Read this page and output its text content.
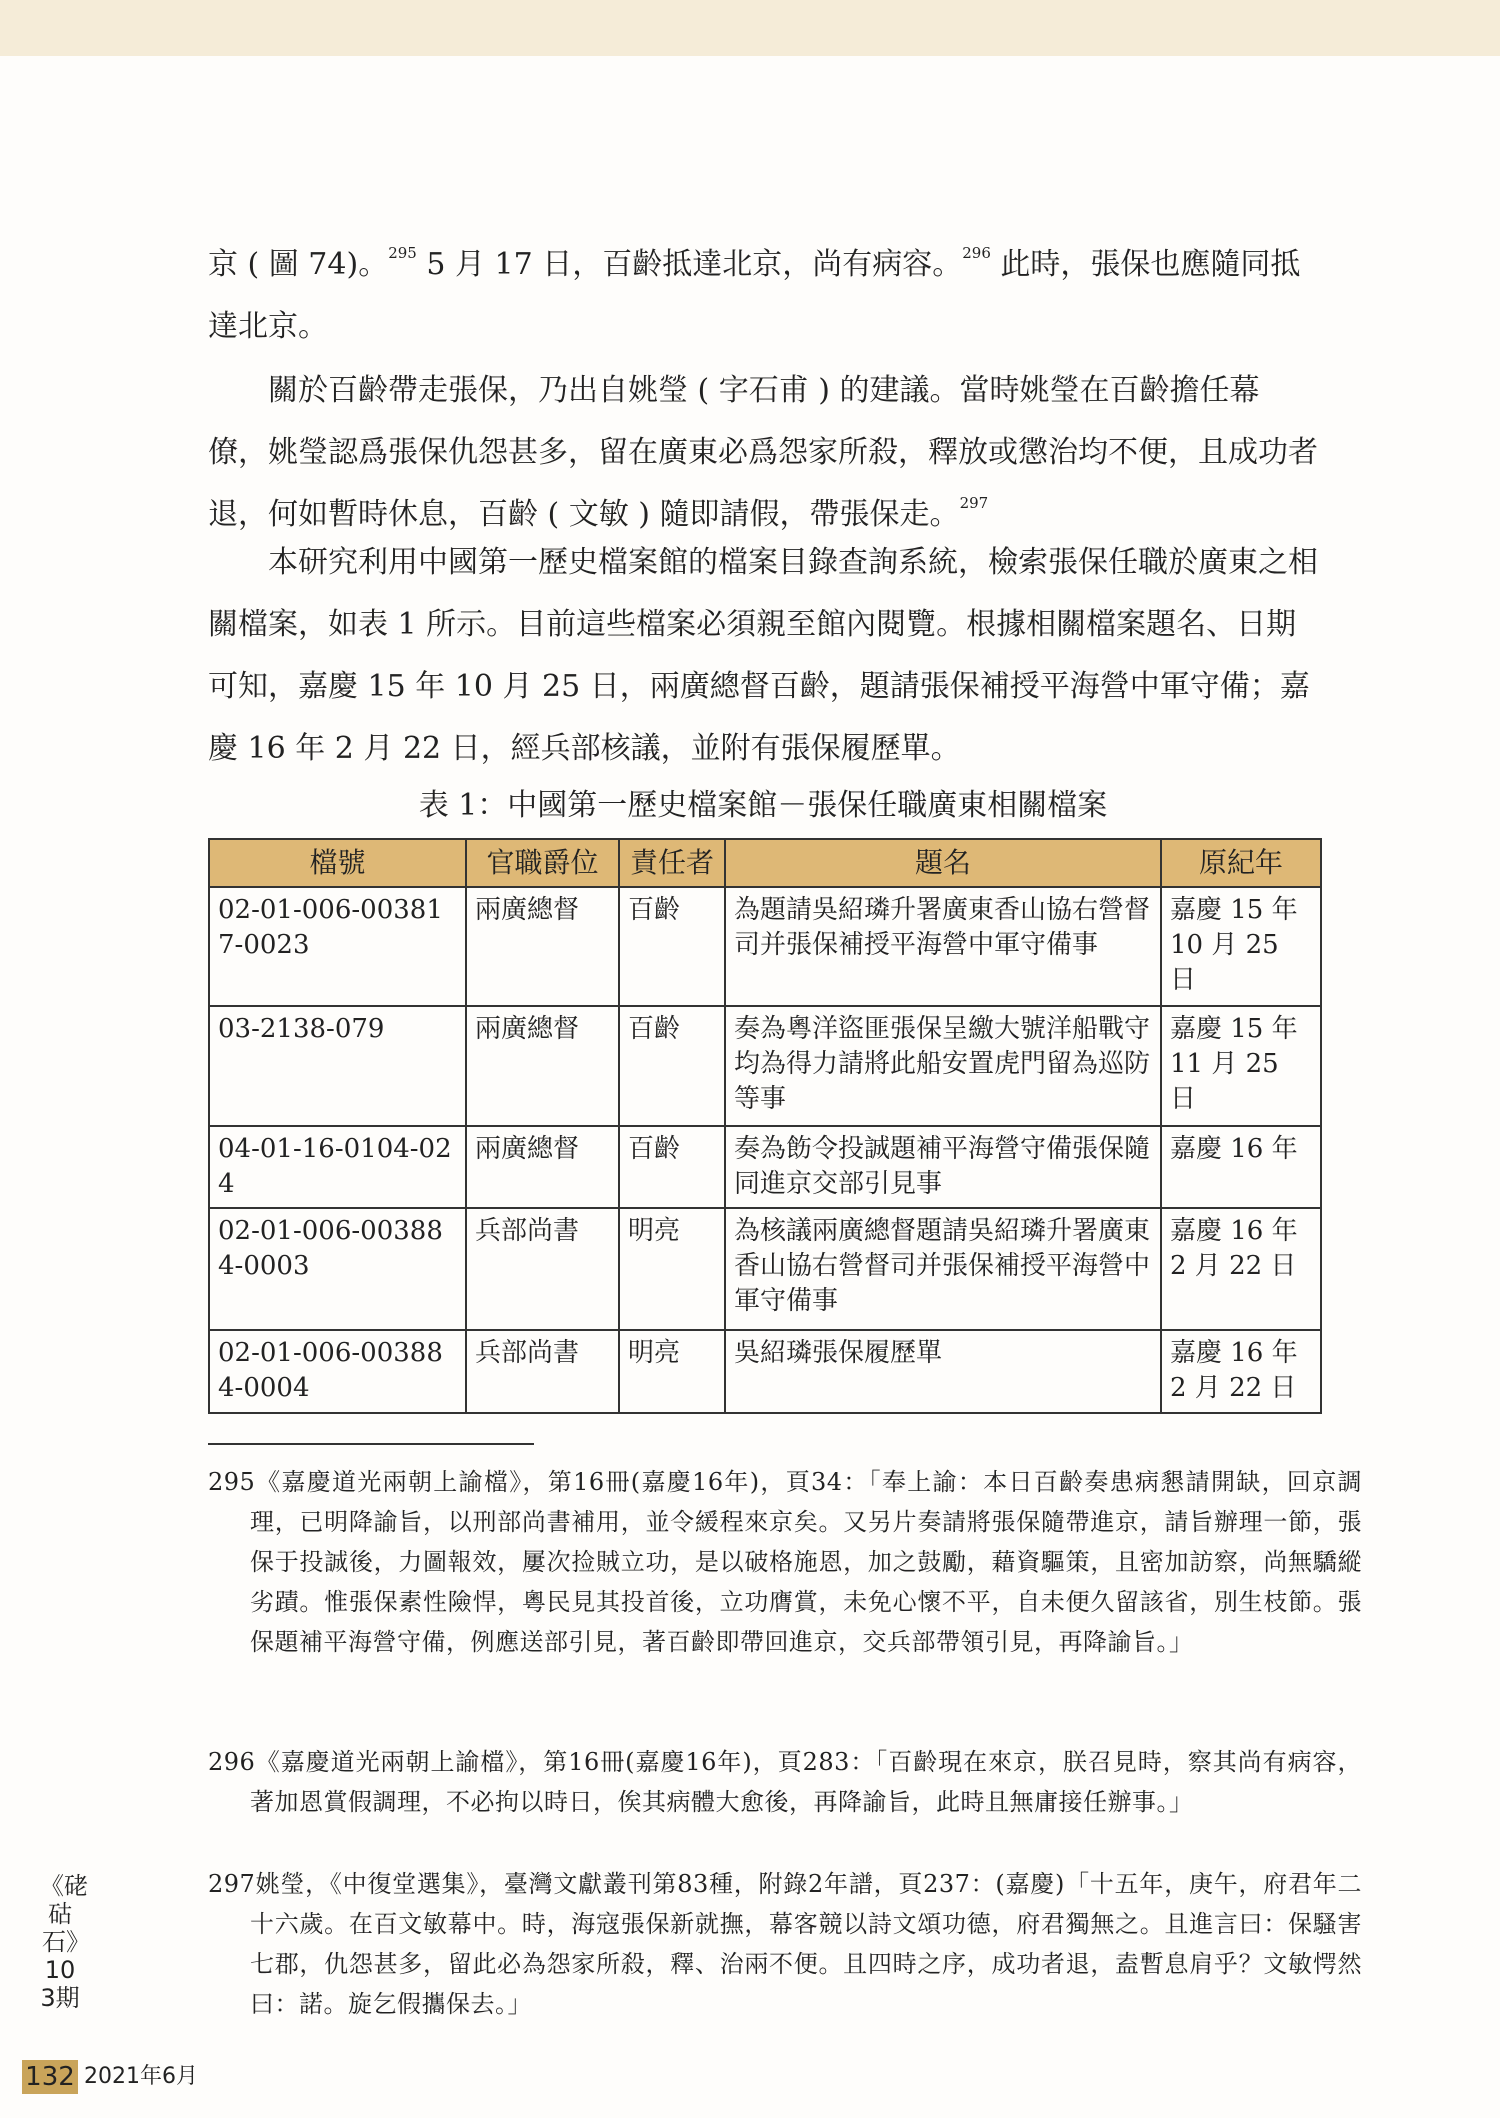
京 ( 圖 74)。$^{295}$ 5 月 17 日，百齡抵達北京，尚有病容。$^{296}$ 此時，張保也應隨同抵達北京。

關於百齡帶走張保，乃出自姚瑩 ( 字石甫 ) 的建議。當時姚瑩在百齡擔任幕僚，姚瑩認爲張保仇怨甚多，留在廣東必爲怨家所殺，釋放或懲治均不便，且成功者退，何如暫時休息，百齡 ( 文敏 ) 隨即請假，帶張保走。$^{297}$

本研究利用中國第一歷史檔案館的檔案目錄查詢系統，檢索張保任職於廣東之相關檔案，如表 1 所示。目前這些檔案必須親至館內閱覽。根據相關檔案題名、日期可知，嘉慶 15 年 10 月 25 日，兩廣總督百齡，題請張保補授平海營中軍守備；嘉慶 16 年 2 月 22 日，經兵部核議，並附有張保履歷單。

表 1：中國第一歷史檔案館－張保任職廣東相關檔案
檔號	官職爵位	責任者	題名	原紀年
02-01-006-003817-0023	兩廣總督	百齡	為題請吳紹璘升署廣東香山協右營督司并張保補授平海營中軍守備事	嘉慶 15 年 10 月 25 日
03-2138-079	兩廣總督	百齡	奏為粵洋盜匪張保呈繳大號洋船戰守均為得力請將此船安置虎門留為巡防等事	嘉慶 15 年 11 月 25 日
04-01-16-0104-024	兩廣總督	百齡	奏為飭令投誠題補平海營守備張保隨同進京交部引見事	嘉慶 16 年
02-01-006-003884-0003	兵部尚書	明亮	為核議兩廣總督題請吳紹璘升署廣東香山協右營督司并張保補授平海營中軍守備事	嘉慶 16 年 2 月 22 日
02-01-006-003884-0004	兵部尚書	明亮	吳紹璘張保履歷單	嘉慶 16 年 2 月 22 日
295《嘉慶道光兩朝上諭檔》，第16冊(嘉慶16年)，頁34：「奉上諭：本日百齡奏患病懇請開缺，回京調理，已明降諭旨，以刑部尚書補用，並令緩程來京矣。又另片奏請將張保隨帶進京，請旨辦理一節，張保于投誠後，力圖報效，屢次捡賊立功，是以破格施恩，加之鼓勵，藉資驅策，且密加訪察，尚無驕縱劣蹟。惟張保素性險悍，粵民見其投首後，立功膺賞，未免心懷不平，自未便久留該省，別生枝節。張保題補平海營守備，例應送部引見，著百齡即帶回進京，交兵部帶領引見，再降諭旨。」
296《嘉慶道光兩朝上諭檔》，第16冊(嘉慶16年)，頁283：「百齡現在來京，朕召見時，察其尚有病容，著加恩賞假調理，不必拘以時日，俟其病體大愈後，再降諭旨，此時且無庸接任辦事。」
297姚瑩，《中復堂選集》，臺灣文獻叢刊第83種，附錄2年譜，頁237：(嘉慶)「十五年，庚午，府君年二十六歲。在百文敏幕中。時，海寇張保新就撫，幕客競以詩文頌功德，府君獨無之。且進言曰：保騷害七郡，仇怨甚多，留此必為怨家所殺，釋、治兩不便。且四時之序，成功者退，盍暫息肩乎？文敏愕然曰：諾。旋乞假攜保去。」
《硓𥑮石》103期
132 2021年6月
